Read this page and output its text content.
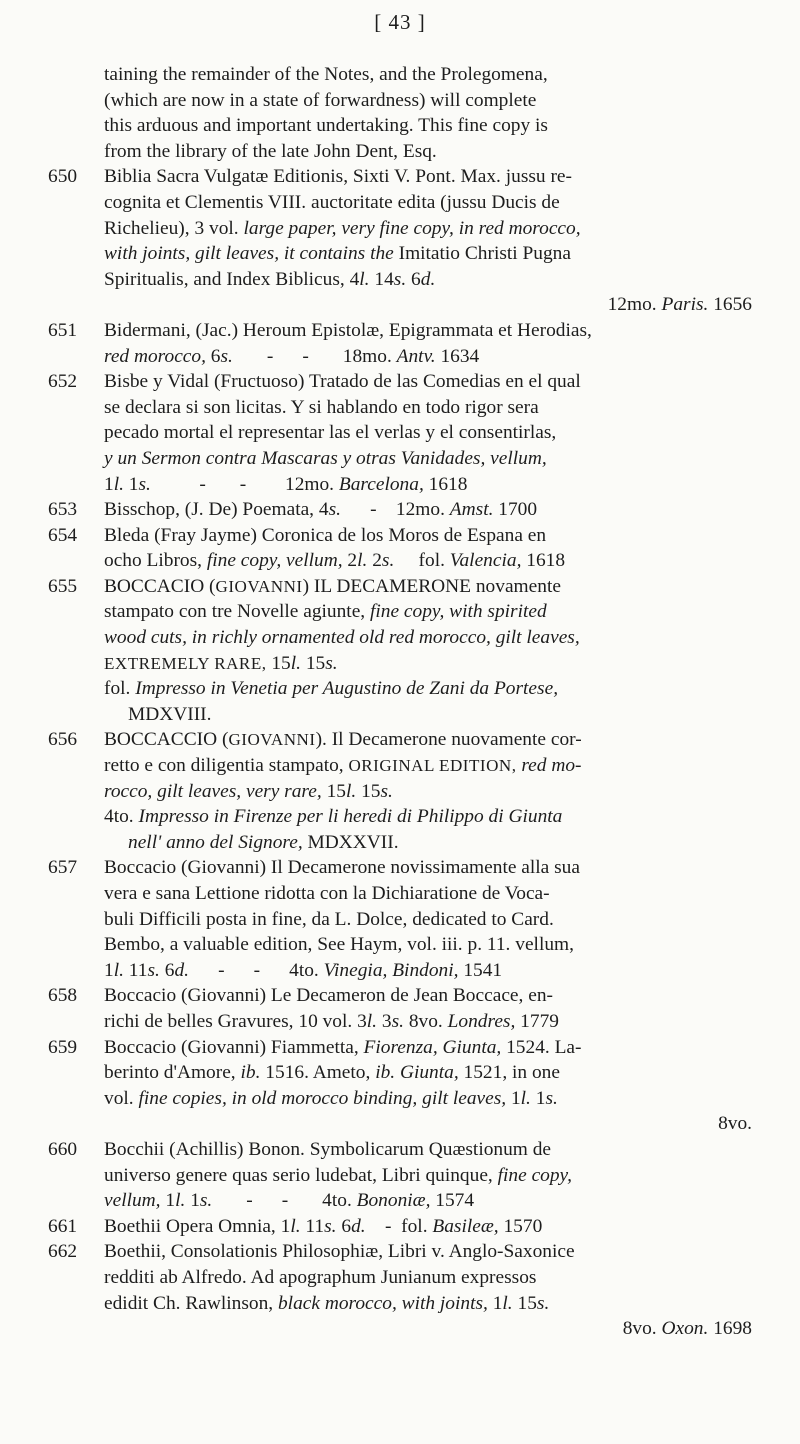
[ 43 ]
taining the remainder of the Notes, and the Prolegomena,
(which are now in a state of forwardness) will complete
this arduous and important undertaking. This fine copy is
from the library of the late John Dent, Esq.
650 Biblia Sacra Vulgatæ Editionis, Sixti V. Pont. Max. jussu re-
cognita et Clementis VIII. auctoritate edita (jussu Ducis de
Richelieu), 3 vol. large paper, very fine copy, in red morocco,
with joints, gilt leaves, it contains the Imitatio Christi Pugna
Spiritualis, and Index Biblicus, 4l. 14s. 6d.
12mo. Paris. 1656
651 Bidermani, (Jac.) Heroum Epistolæ, Epigrammata et Herodias,
red morocco, 6s.       -      -       18mo. Antv. 1634
652 Bisbe y Vidal (Fructuoso) Tratado de las Comedias en el qual
se declara si son licitas. Y si hablando en todo rigor sera
pecado mortal el representar las el verlas y el consentirlas,
y un Sermon contra Mascaras y otras Vanidades, vellum,
1l. 1s.          -       -        12mo. Barcelona, 1618
653 Bisschop, (J. De) Poemata, 4s.      -    12mo. Amst. 1700
654 Bleda (Fray Jayme) Coronica de los Moros de Espana en
ocho Libros, fine copy, vellum, 2l. 2s.     fol. Valencia, 1618
655 BOCCACIO (GIOVANNI) IL DECAMERONE novamente
stampato con tre Novelle agiunte, fine copy, with spirited
wood cuts, in richly ornamented old red morocco, gilt leaves,
EXTREMELY RARE, 15l. 15s.
fol. Impresso in Venetia per Augustino de Zani da Portese,
MDXVIII.
656 BOCCACCIO (GIOVANNI). Il Decamerone nuovamente cor-
retto e con diligentia stampato, ORIGINAL EDITION, red mo-
rocco, gilt leaves, very rare, 15l. 15s.
4to. Impresso in Firenze per li heredi di Philippo di Giunta
nell' anno del Signore, MDXXVII.
657 Boccacio (Giovanni) Il Decamerone novissimamente alla sua
vera e sana Lettione ridotta con la Dichiaratione de Voca-
buli Difficili posta in fine, da L. Dolce, dedicated to Card.
Bembo, a valuable edition, See Haym, vol. iii. p. 11. vellum,
1l. 11s. 6d.      -      -      4to. Vinegia, Bindoni, 1541
658 Boccacio (Giovanni) Le Decameron de Jean Boccace, en-
richi de belles Gravures, 10 vol. 3l. 3s. 8vo. Londres, 1779
659 Boccacio (Giovanni) Fiammetta, Fiorenza, Giunta, 1524. La-
berinto d'Amore, ib. 1516. Ameto, ib. Giunta, 1521, in one
vol. fine copies, in old morocco binding, gilt leaves, 1l. 1s.
8vo.
660 Bocchii (Achillis) Bonon. Symbolicarum Quæstionum de
universo genere quas serio ludebat, Libri quinque, fine copy,
vellum, 1l. 1s.       -      -       4to. Bononiæ, 1574
661 Boethii Opera Omnia, 1l. 11s. 6d.    -  fol. Basileæ, 1570
662 Boethii, Consolationis Philosophiæ, Libri v. Anglo-Saxonice
redditi ab Alfredo. Ad apographum Junianum expressos
edidit Ch. Rawlinson, black morocco, with joints, 1l. 15s.
8vo. Oxon. 1698
